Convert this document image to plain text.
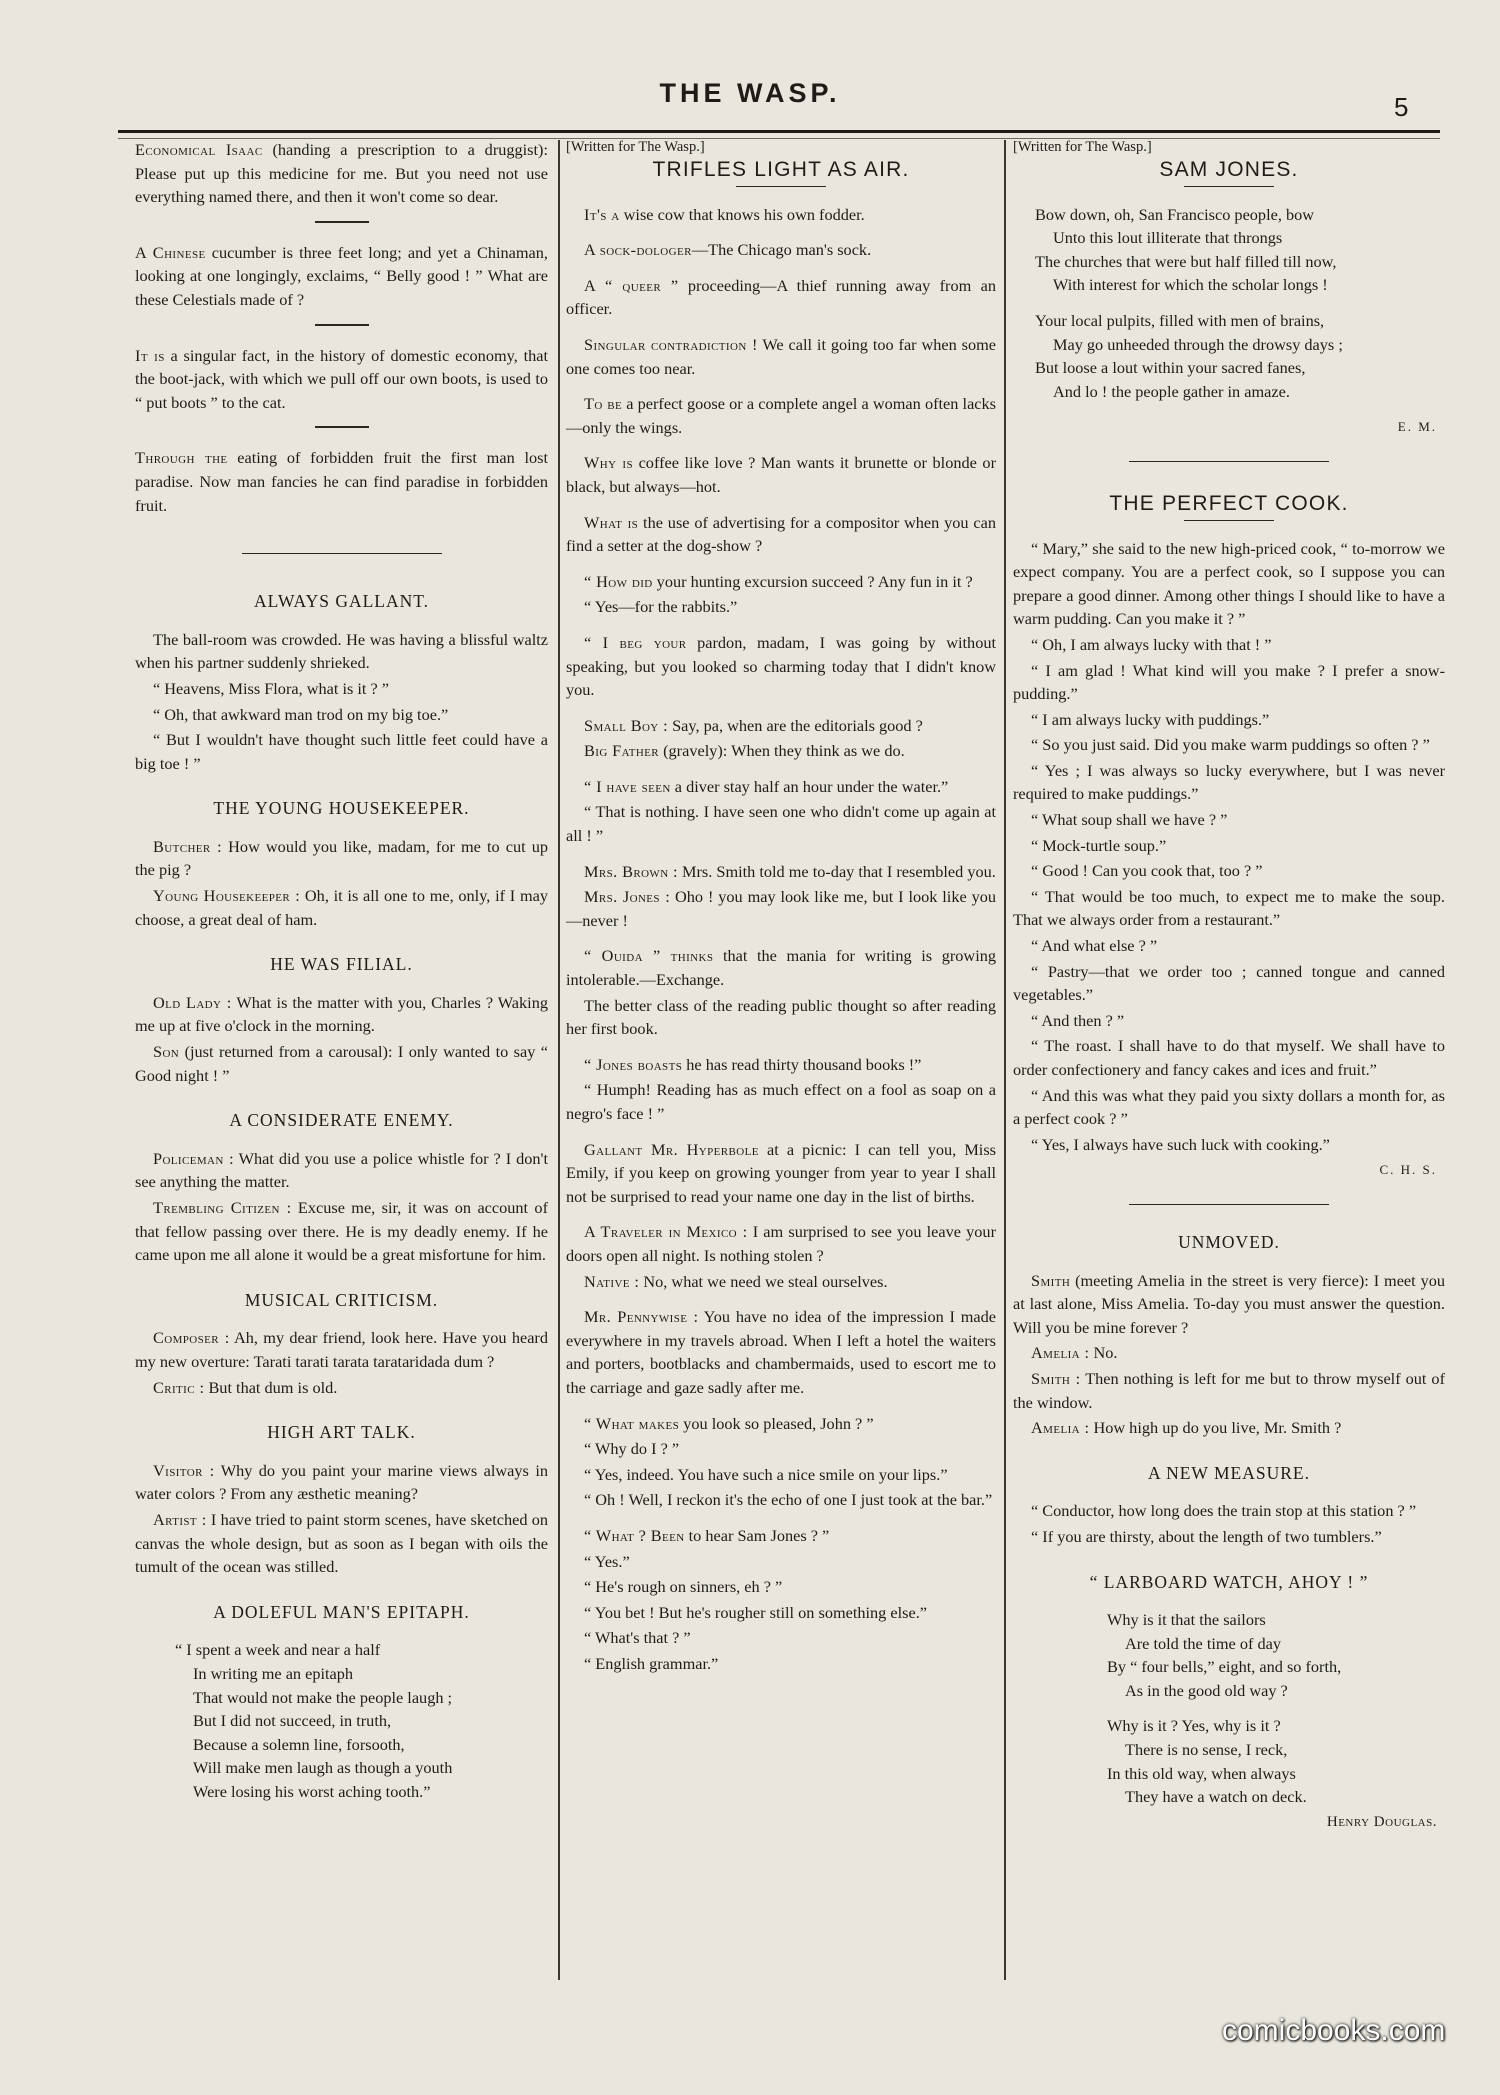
THE WASP.	5

Economical Isaac (handing a prescription to a druggist): Please put up this medicine for me. But you need not use everything named there, and then it won't come so dear.

A Chinese cucumber is three feet long; and yet a Chinaman, looking at one longingly, exclaims, “ Belly good ! ” What are these Celestials made of ?

It is a singular fact, in the history of domestic economy, that the boot-jack, with which we pull off our own boots, is used to “ put boots ” to the cat.

Through the eating of forbidden fruit the first man lost paradise. Now man fancies he can find paradise in forbidden fruit.

ALWAYS GALLANT.

The ball-room was crowded. He was having a blissful waltz when his partner suddenly shrieked.

“ Heavens, Miss Flora, what is it ? ”

“ Oh, that awkward man trod on my big toe.”

“ But I wouldn't have thought such little feet could have a big toe ! ”

THE YOUNG HOUSEKEEPER.

Butcher : How would you like, madam, for me to cut up the pig ?

Young Housekeeper : Oh, it is all one to me, only, if I may choose, a great deal of ham.

HE WAS FILIAL.

Old Lady : What is the matter with you, Charles ? Waking me up at five o'clock in the morning.

Son (just returned from a carousal): I only wanted to say “ Good night ! ”

A CONSIDERATE ENEMY.

Policeman : What did you use a police whistle for ? I don't see anything the matter.

Trembling Citizen : Excuse me, sir, it was on account of that fellow passing over there. He is my deadly enemy. If he came upon me all alone it would be a great misfortune for him.

MUSICAL CRITICISM.

Composer : Ah, my dear friend, look here. Have you heard my new overture: Tarati tarati tarata tarataridada dum ?

Critic : But that dum is old.

HIGH ART TALK.

Visitor : Why do you paint your marine views always in water colors ? From any æsthetic meaning?

Artist : I have tried to paint storm scenes, have sketched on canvas the whole design, but as soon as I began with oils the tumult of the ocean was stilled.

A DOLEFUL MAN'S EPITAPH.
“ I spent a week and near a half
In writing me an epitaph
That would not make the people laugh ;
But I did not succeed, in truth,
Because a solemn line, forsooth,
Will make men laugh as though a youth
Were losing his worst aching tooth.”
[Written for The Wasp.]
TRIFLES LIGHT AS AIR.

It's a wise cow that knows his own fodder.

A sock-dologer—The Chicago man's sock.

A “ queer ” proceeding—A thief running away from an officer.

Singular contradiction ! We call it going too far when some one comes too near.

To be a perfect goose or a complete angel a woman often lacks—only the wings.

Why is coffee like love ? Man wants it brunette or blonde or black, but always—hot.

What is the use of advertising for a compositor when you can find a setter at the dog-show ?

“ How did your hunting excursion succeed ? Any fun in it ?

“ Yes—for the rabbits.”

“ I beg your pardon, madam, I was going by without speaking, but you looked so charming today that I didn't know you.

Small Boy : Say, pa, when are the editorials good ?

Big Father (gravely): When they think as we do.

“ I have seen a diver stay half an hour under the water.”

“ That is nothing. I have seen one who didn't come up again at all ! ”

Mrs. Brown : Mrs. Smith told me to-day that I resembled you.

Mrs. Jones : Oho ! you may look like me, but I look like you—never !

“ Ouida ” thinks that the mania for writing is growing intolerable.—Exchange.

The better class of the reading public thought so after reading her first book.

“ Jones boasts he has read thirty thousand books !”

“ Humph! Reading has as much effect on a fool as soap on a negro's face ! ”

Gallant Mr. Hyperbole at a picnic: I can tell you, Miss Emily, if you keep on growing younger from year to year I shall not be surprised to read your name one day in the list of births.

A Traveler in Mexico : I am surprised to see you leave your doors open all night. Is nothing stolen ?

Native : No, what we need we steal ourselves.

Mr. Pennywise : You have no idea of the impression I made everywhere in my travels abroad. When I left a hotel the waiters and porters, bootblacks and chambermaids, used to escort me to the carriage and gaze sadly after me.

“ What makes you look so pleased, John ? ”

“ Why do I ? ”

“ Yes, indeed. You have such a nice smile on your lips.”

“ Oh ! Well, I reckon it's the echo of one I just took at the bar.”

“ What ? Been to hear Sam Jones ? ”

“ Yes.”

“ He's rough on sinners, eh ? ”

“ You bet ! But he's rougher still on something else.”

“ What's that ? ”

“ English grammar.”

[Written for The Wasp.]
SAM JONES.
Bow down, oh, San Francisco people, bow
Unto this lout illiterate that throngs
The churches that were but half filled till now,
With interest for which the scholar longs !
Your local pulpits, filled with men of brains,
May go unheeded through the drowsy days ;
But loose a lout within your sacred fanes,
And lo ! the people gather in amaze.
E. M.
THE PERFECT COOK.

“ Mary,” she said to the new high-priced cook, “ to-morrow we expect company. You are a perfect cook, so I suppose you can prepare a good dinner. Among other things I should like to have a warm pudding. Can you make it ? ”

“ Oh, I am always lucky with that ! ”

“ I am glad ! What kind will you make ? I prefer a snow-pudding.”

“ I am always lucky with puddings.”

“ So you just said. Did you make warm puddings so often ? ”

“ Yes ; I was always so lucky everywhere, but I was never required to make puddings.”

“ What soup shall we have ? ”

“ Mock-turtle soup.”

“ Good ! Can you cook that, too ? ”

“ That would be too much, to expect me to make the soup. That we always order from a restaurant.”

“ And what else ? ”

“ Pastry—that we order too ; canned tongue and canned vegetables.”

“ And then ? ”

“ The roast. I shall have to do that myself. We shall have to order confectionery and fancy cakes and ices and fruit.”

“ And this was what they paid you sixty dollars a month for, as a perfect cook ? ”

“ Yes, I always have such luck with cooking.”

C. H. S.
UNMOVED.

Smith (meeting Amelia in the street is very fierce): I meet you at last alone, Miss Amelia. To-day you must answer the question. Will you be mine forever ?

Amelia : No.

Smith : Then nothing is left for me but to throw myself out of the window.

Amelia : How high up do you live, Mr. Smith ?

A NEW MEASURE.

“ Conductor, how long does the train stop at this station ? ”

“ If you are thirsty, about the length of two tumblers.”

“ LARBOARD WATCH, AHOY ! ”
Why is it that the sailors
Are told the time of day
By “ four bells,” eight, and so forth,
As in the good old way ?
Why is it ? Yes, why is it ?
There is no sense, I reck,
In this old way, when always
They have a watch on deck.
Henry Douglas.
comicbooks.com
